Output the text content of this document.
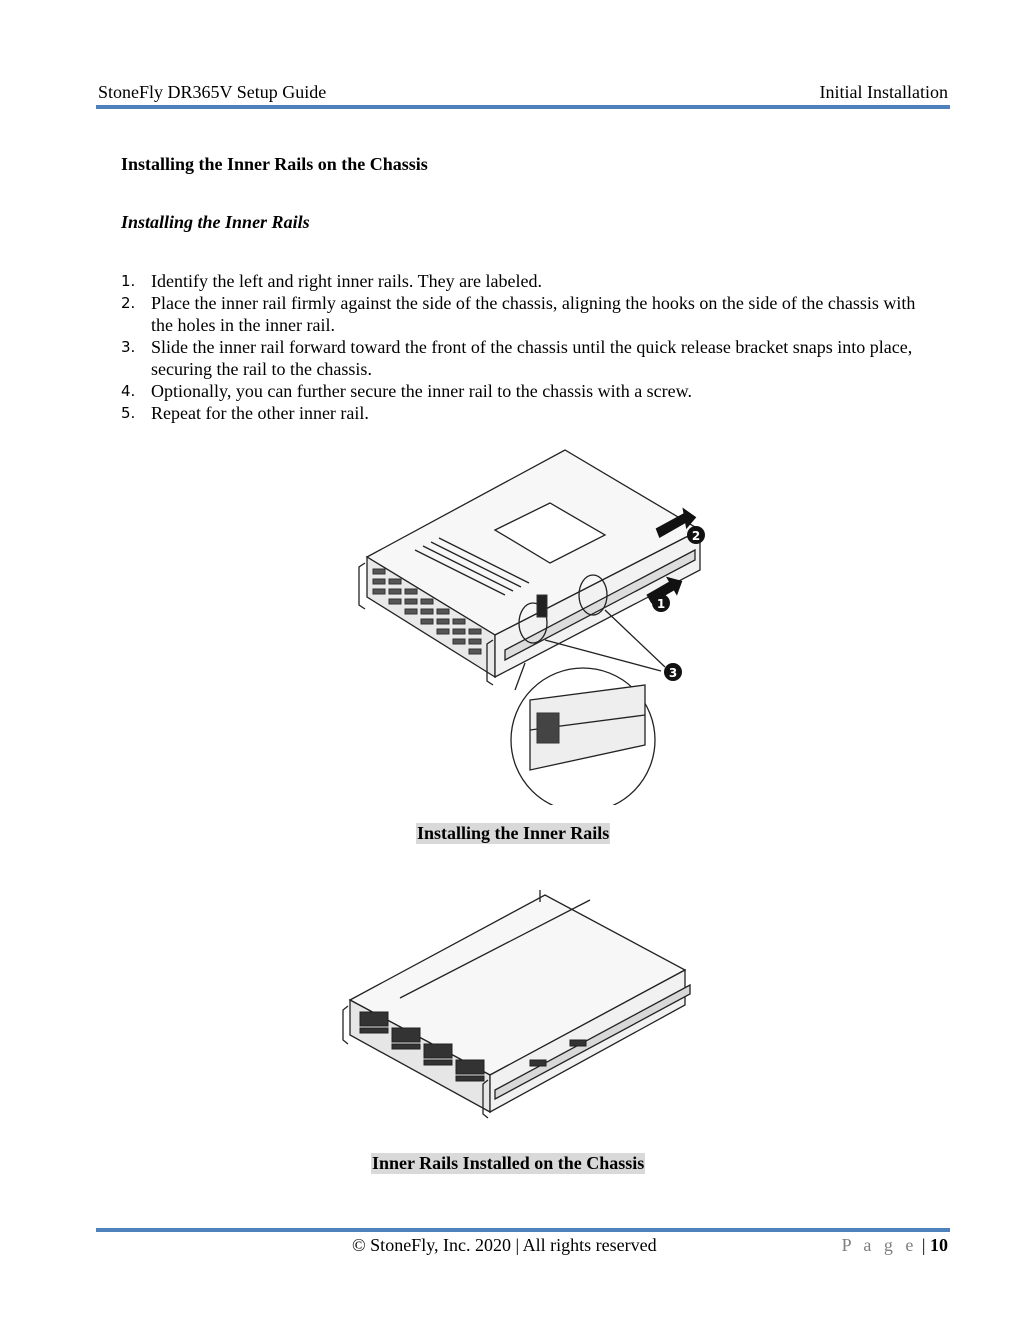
StoneFly DR365V Setup Guide	Initial Installation
Installing the Inner Rails on the Chassis
Installing the Inner Rails
1. Identify the left and right inner rails. They are labeled.
2. Place the inner rail firmly against the side of the chassis, aligning the hooks on the side of the chassis with the holes in the inner rail.
3. Slide the inner rail forward toward the front of the chassis until the quick release bracket snaps into place, securing the rail to the chassis.
4. Optionally, you can further secure the inner rail to the chassis with a screw.
5. Repeat for the other inner rail.
2
1
3
Installing the Inner Rails
Inner Rails Installed on the Chassis
© StoneFly, Inc. 2020 | All rights reserved	P a g e | 10
